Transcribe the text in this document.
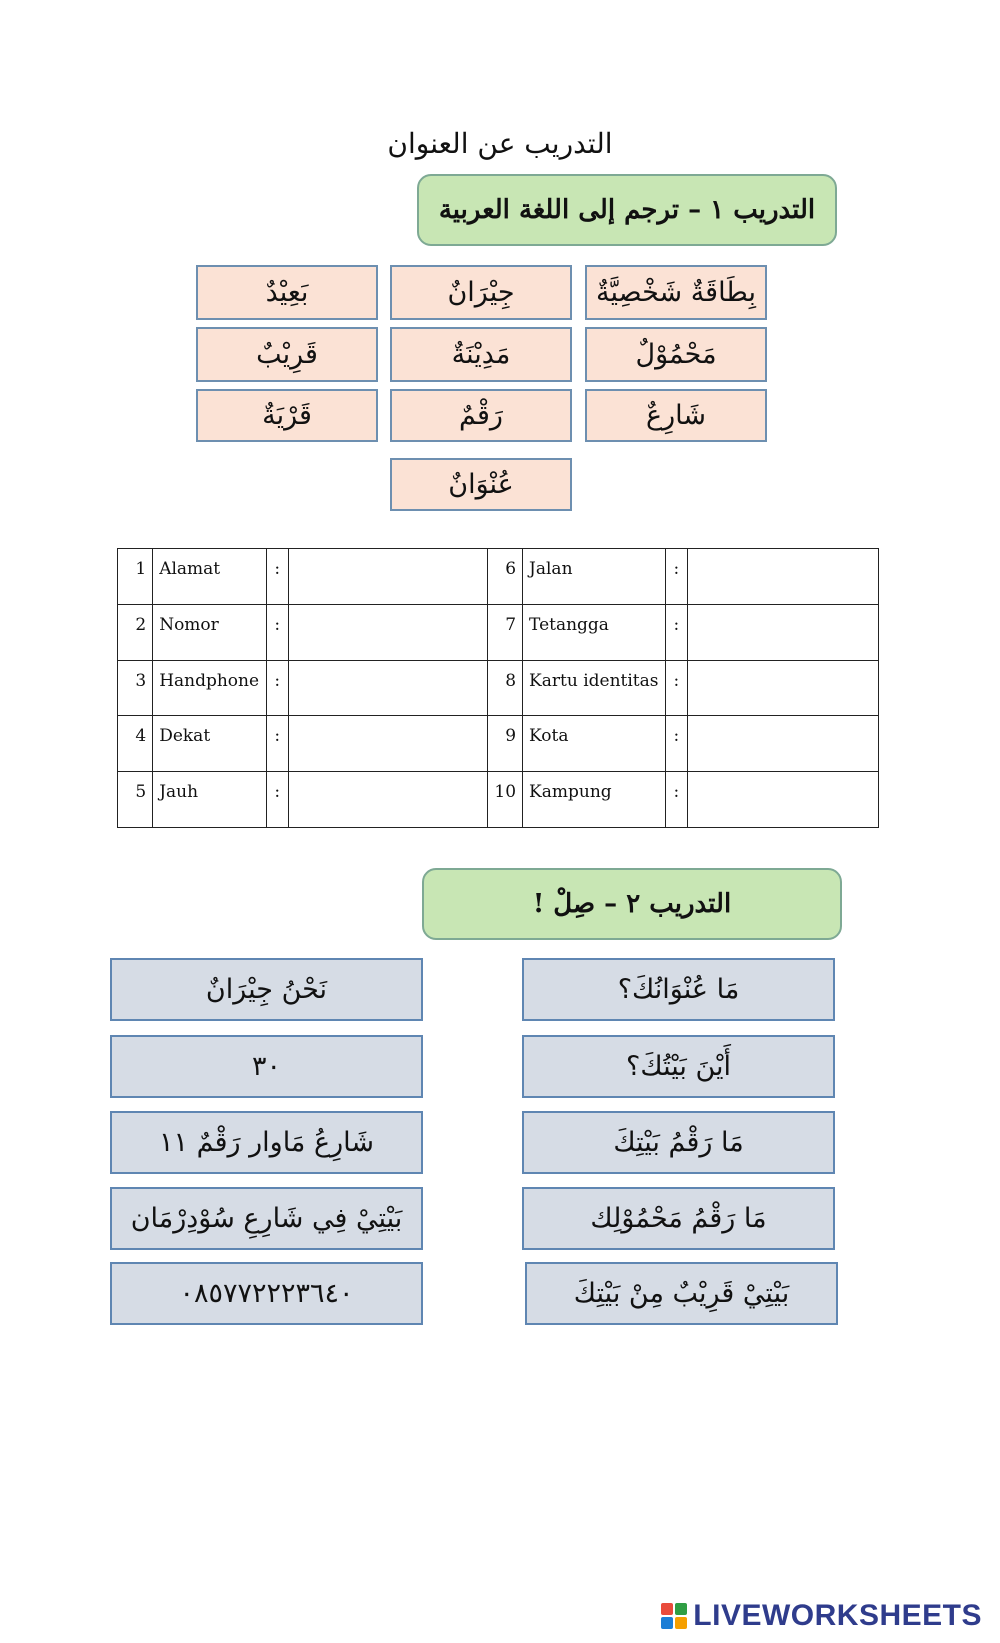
التدريب عن العنوان
التدريب ١ – ترجم إلى اللغة العربية
بِطَاقَةٌ شَخْصِيَّةٌ
جِيْرَانٌ
بَعِيْدٌ
مَحْمُوْلٌ
مَدِيْنَةٌ
قَرِيْبٌ
شَارِعٌ
رَقْمٌ
قَرْيَةٌ
عُنْوَانٌ
1	Alamat	:		6	Jalan	:	
2	Nomor	:		7	Tetangga	:	
3	Handphone	:		8	Kartu identitas	:	
4	Dekat	:		9	Kota	:	
5	Jauh	:		10	Kampung	:	
التدريب ٢ – صِلْ !
مَا عُنْوَانُكَ؟
أَيْنَ بَيْتُكَ؟
مَا رَقْمُ بَيْتِكَ
مَا رَقْمُ مَحْمُوْلِك
بَيْتِيْ قَرِيْبٌ مِنْ بَيْتِكَ
نَحْنُ جِيْرَانٌ
٣٠
شَارِعُ مَاوار رَقْمٌ ١١
بَيْتِيْ فِي شَارِعِ سُوْدِرْمَان
٠٨٥٧٧٢٢٢٣٦٤٠
LIVEWORKSHEETS
